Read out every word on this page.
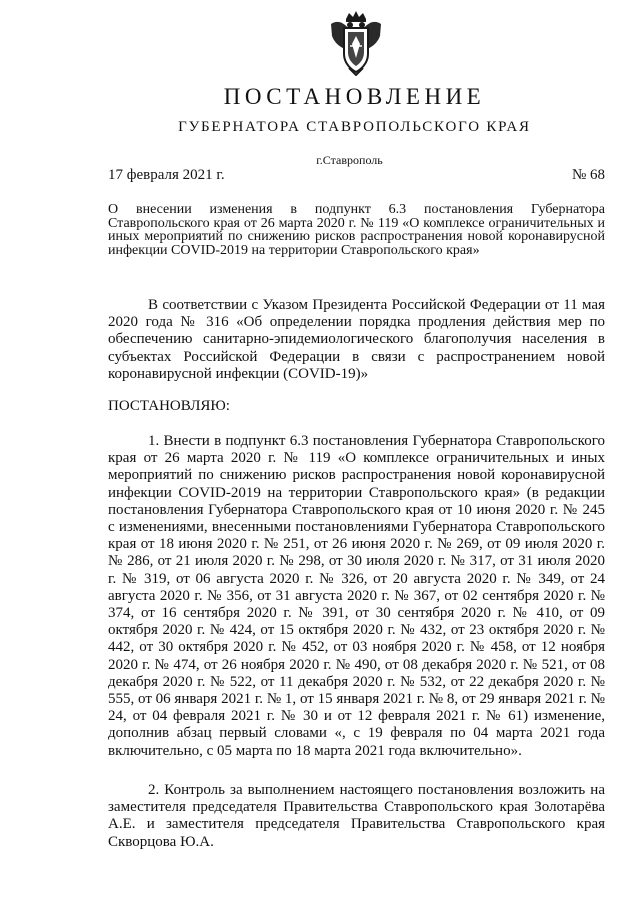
ПОСТАНОВЛЕНИЕ
ГУБЕРНАТОРА СТАВРОПОЛЬСКОГО КРАЯ
г.Ставрополь
17 февраля 2021 г.	№ 68

О внесении изменения в подпункт 6.3 постановления Губернатора Ставропольского края от 26 марта 2020 г. № 119 «О комплексе ограничительных и иных мероприятий по снижению рисков распространения новой коронавирусной инфекции COVID-2019 на территории Ставропольского края»

В соответствии с Указом Президента Российской Федерации от 11 мая 2020 года № 316 «Об определении порядка продления действия мер по обеспечению санитарно-эпидемиологического благополучия населения в субъектах Российской Федерации в связи с распространением новой коронавирусной инфекции (COVID-19)»

ПОСТАНОВЛЯЮ:

1. Внести в подпункт 6.3 постановления Губернатора Ставропольского края от 26 марта 2020 г. № 119 «О комплексе ограничительных и иных мероприятий по снижению рисков распространения новой коронавирусной инфекции COVID-2019 на территории Ставропольского края» (в редакции постановления Губернатора Ставропольского края от 10 июня 2020 г. № 245 с изменениями, внесенными постановлениями Губернатора Ставропольского края от 18 июня 2020 г. № 251, от 26 июня 2020 г. № 269, от 09 июля 2020 г. № 286, от 21 июля 2020 г. № 298, от 30 июля 2020 г. № 317, от 31 июля 2020 г. № 319, от 06 августа 2020 г. № 326, от 20 августа 2020 г. № 349, от 24 августа 2020 г. № 356, от 31 августа 2020 г. № 367, от 02 сентября 2020 г. № 374, от 16 сентября 2020 г. № 391, от 30 сентября 2020 г. № 410, от 09 октября 2020 г. № 424, от 15 октября 2020 г. № 432, от 23 октября 2020 г. № 442, от 30 октября 2020 г. № 452, от 03 ноября 2020 г. № 458, от 12 ноября 2020 г. № 474, от 26 ноября 2020 г. № 490, от 08 декабря 2020 г. № 521, от 08 декабря 2020 г. № 522, от 11 декабря 2020 г. № 532, от 22 декабря 2020 г. № 555, от 06 января 2021 г. № 1, от 15 января 2021 г. № 8, от 29 января 2021 г. № 24, от 04 февраля 2021 г. № 30 и от 12 февраля 2021 г. № 61) изменение, дополнив абзац первый словами «, с 19 февраля по 04 марта 2021 года включительно, с 05 марта по 18 марта 2021 года включительно».

2. Контроль за выполнением настоящего постановления возложить на заместителя председателя Правительства Ставропольского края Золотарёва А.Е. и заместителя председателя Правительства Ставропольского края Скворцова Ю.А.
